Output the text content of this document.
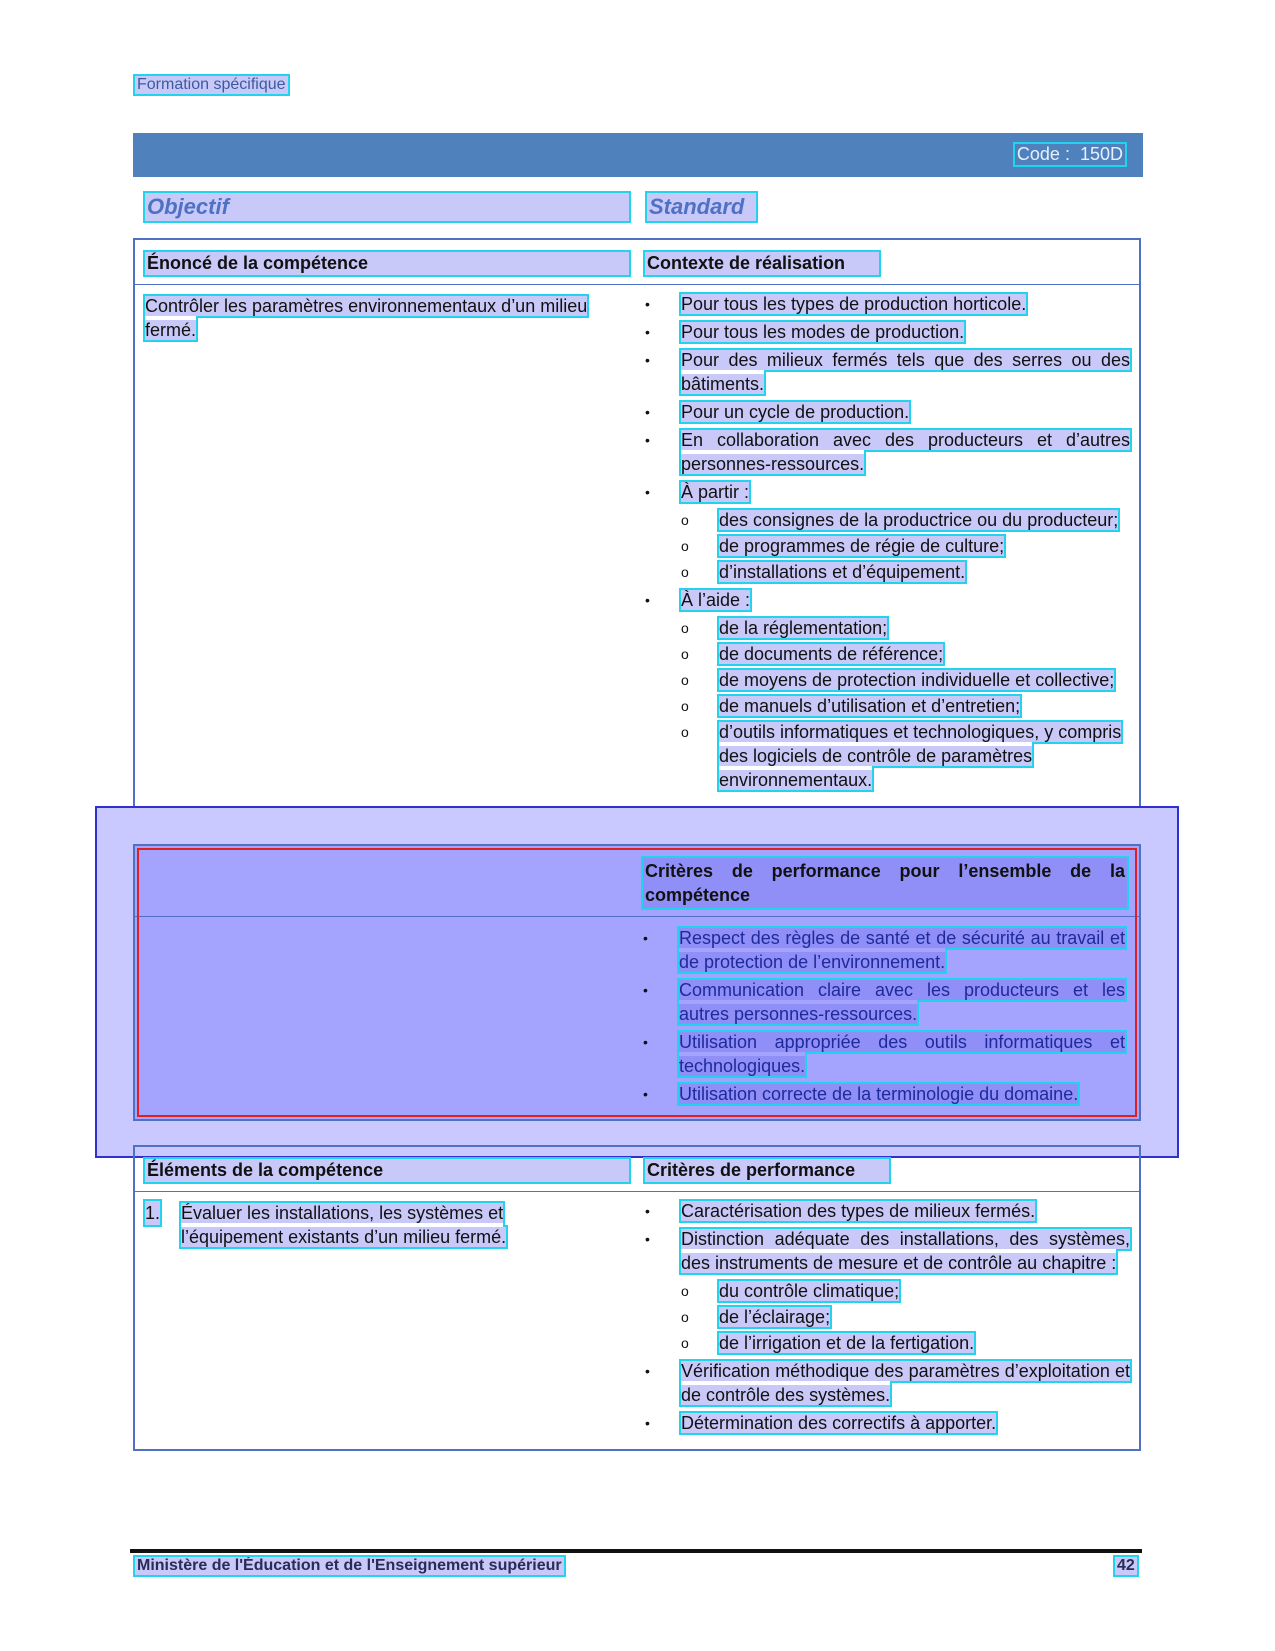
Formation spécifique
Code : 150D
Objectif	Standard
Énoncé de la compétence	Contexte de réalisation
Contrôler les paramètres environnementaux d’un milieu fermé.
•	Pour tous les types de production horticole.
•	Pour tous les modes de production.
•	Pour des milieux fermés tels que des serres ou des bâtiments.
•	Pour un cycle de production.
•	En collaboration avec des producteurs et d’autres personnes-ressources.
•	À partir :
o	des consignes de la productrice ou du producteur;
o	de programmes de régie de culture;
o	d’installations et d’équipement.
•	À l’aide :
o	de la réglementation;
o	de documents de référence;
o	de moyens de protection individuelle et collective;
o	de manuels d’utilisation et d’entretien;
o	d’outils informatiques et technologiques, y compris des logiciels de contrôle de paramètres environnementaux.
Critères de performance pour l’ensemble de la compétence
•	Respect des règles de santé et de sécurité au travail et de protection de l’environnement.
•	Communication claire avec les producteurs et les autres personnes-ressources.
•	Utilisation appropriée des outils informatiques et technologiques.
•	Utilisation correcte de la terminologie du domaine.
Éléments de la compétence	Critères de performance
1.	Évaluer les installations, les systèmes et l’équipement existants d’un milieu fermé.
•	Caractérisation des types de milieux fermés.
•	Distinction adéquate des installations, des systèmes, des instruments de mesure et de contrôle au chapitre :
o	du contrôle climatique;
o	de l’éclairage;
o	de l’irrigation et de la fertigation.
•	Vérification méthodique des paramètres d’exploitation et de contrôle des systèmes.
•	Détermination des correctifs à apporter.
Ministère de l'Éducation et de l'Enseignement supérieur	42
